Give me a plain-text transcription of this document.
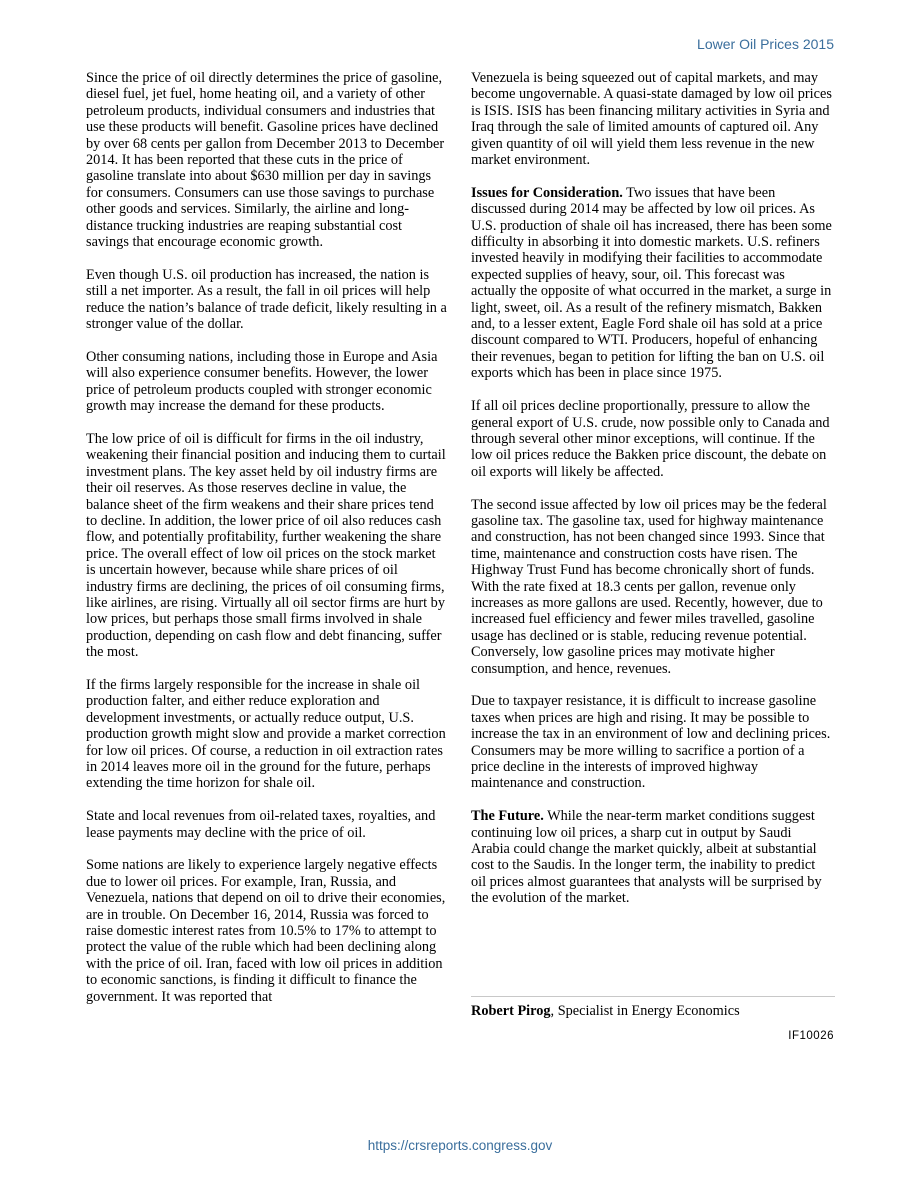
Lower Oil Prices 2015

Since the price of oil directly determines the price of gasoline, diesel fuel, jet fuel, home heating oil, and a variety of other petroleum products, individual consumers and industries that use these products will benefit. Gasoline prices have declined by over 68 cents per gallon from December 2013 to December 2014. It has been reported that these cuts in the price of gasoline translate into about $630 million per day in savings for consumers. Consumers can use those savings to purchase other goods and services. Similarly, the airline and long-distance trucking industries are reaping substantial cost savings that encourage economic growth.

Even though U.S. oil production has increased, the nation is still a net importer. As a result, the fall in oil prices will help reduce the nation’s balance of trade deficit, likely resulting in a stronger value of the dollar.

Other consuming nations, including those in Europe and Asia will also experience consumer benefits. However, the lower price of petroleum products coupled with stronger economic growth may increase the demand for these products.

The low price of oil is difficult for firms in the oil industry, weakening their financial position and inducing them to curtail investment plans. The key asset held by oil industry firms are their oil reserves. As those reserves decline in value, the balance sheet of the firm weakens and their share prices tend to decline. In addition, the lower price of oil also reduces cash flow, and potentially profitability, further weakening the share price. The overall effect of low oil prices on the stock market is uncertain however, because while share prices of oil industry firms are declining, the prices of oil consuming firms, like airlines, are rising. Virtually all oil sector firms are hurt by low prices, but perhaps those small firms involved in shale production, depending on cash flow and debt financing, suffer the most.

If the firms largely responsible for the increase in shale oil production falter, and either reduce exploration and development investments, or actually reduce output, U.S. production growth might slow and provide a market correction for low oil prices. Of course, a reduction in oil extraction rates in 2014 leaves more oil in the ground for the future, perhaps extending the time horizon for shale oil.

State and local revenues from oil-related taxes, royalties, and lease payments may decline with the price of oil.

Some nations are likely to experience largely negative effects due to lower oil prices. For example, Iran, Russia, and Venezuela, nations that depend on oil to drive their economies, are in trouble. On December 16, 2014, Russia was forced to raise domestic interest rates from 10.5% to 17% to attempt to protect the value of the ruble which had been declining along with the price of oil. Iran, faced with low oil prices in addition to economic sanctions, is finding it difficult to finance the government. It was reported that

Venezuela is being squeezed out of capital markets, and may become ungovernable. A quasi-state damaged by low oil prices is ISIS. ISIS has been financing military activities in Syria and Iraq through the sale of limited amounts of captured oil. Any given quantity of oil will yield them less revenue in the new market environment.

Issues for Consideration. Two issues that have been discussed during 2014 may be affected by low oil prices. As U.S. production of shale oil has increased, there has been some difficulty in absorbing it into domestic markets. U.S. refiners invested heavily in modifying their facilities to accommodate expected supplies of heavy, sour, oil. This forecast was actually the opposite of what occurred in the market, a surge in light, sweet, oil. As a result of the refinery mismatch, Bakken and, to a lesser extent, Eagle Ford shale oil has sold at a price discount compared to WTI. Producers, hopeful of enhancing their revenues, began to petition for lifting the ban on U.S. oil exports which has been in place since 1975.

If all oil prices decline proportionally, pressure to allow the general export of U.S. crude, now possible only to Canada and through several other minor exceptions, will continue. If the low oil prices reduce the Bakken price discount, the debate on oil exports will likely be affected.

The second issue affected by low oil prices may be the federal gasoline tax. The gasoline tax, used for highway maintenance and construction, has not been changed since 1993. Since that time, maintenance and construction costs have risen. The Highway Trust Fund has become chronically short of funds. With the rate fixed at 18.3 cents per gallon, revenue only increases as more gallons are used. Recently, however, due to increased fuel efficiency and fewer miles travelled, gasoline usage has declined or is stable, reducing revenue potential. Conversely, low gasoline prices may motivate higher consumption, and hence, revenues.

Due to taxpayer resistance, it is difficult to increase gasoline taxes when prices are high and rising. It may be possible to increase the tax in an environment of low and declining prices. Consumers may be more willing to sacrifice a portion of a price decline in the interests of improved highway maintenance and construction.

The Future. While the near-term market conditions suggest continuing low oil prices, a sharp cut in output by Saudi Arabia could change the market quickly, albeit at substantial cost to the Saudis. In the longer term, the inability to predict oil prices almost guarantees that analysts will be surprised by the evolution of the market.

Robert Pirog, Specialist in Energy Economics
IF10026
https://crsreports.congress.gov
